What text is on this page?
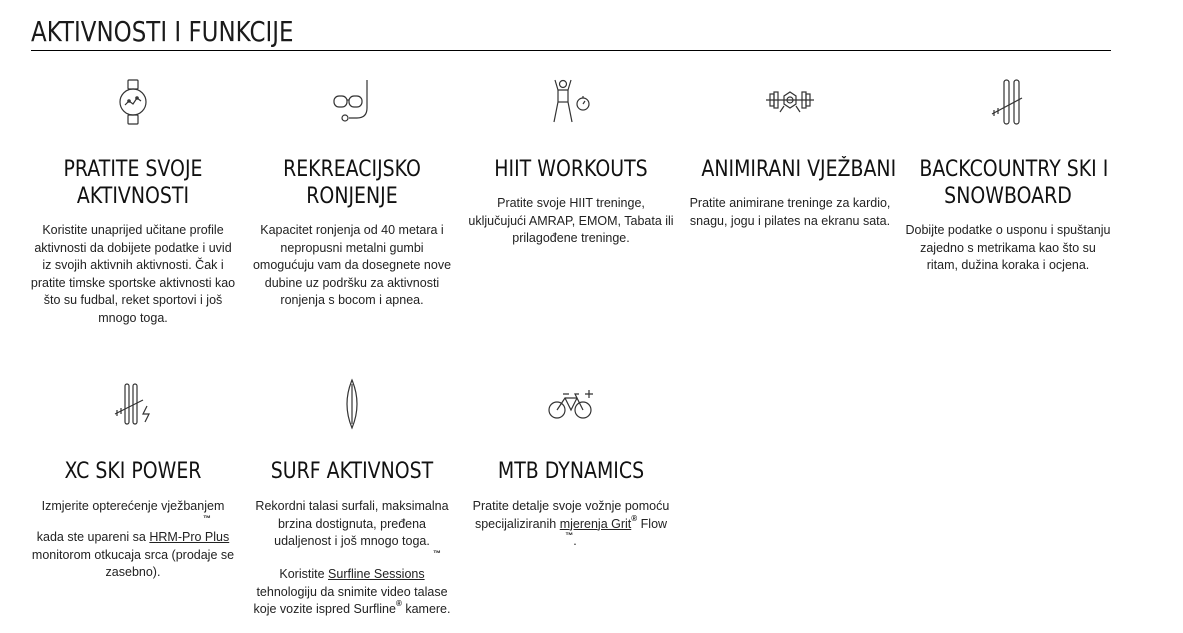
AKTIVNOSTI I FUNKCIJE
PRATITE SVOJE
AKTIVNOSTI
Koristite unaprijed učitane profile aktivnosti da dobijete podatke i uvid iz svojih aktivnih aktivnosti. Čak i pratite timske sportske aktivnosti kao što su fudbal, reket sportovi i još mnogo toga.
REKREACIJSKO
RONJENJE
Kapacitet ronjenja od 40 metara i nepropusni metalni gumbi omogućuju vam da dosegnete nove dubine uz podršku za aktivnosti ronjenja s bocom i apnea.
HIIT WORKOUTS
Pratite svoje HIIT treninge, uključujući AMRAP, EMOM, Tabata ili prilagođene treninge.
ANIMIRANI VJEŽBANI
Pratite animirane treninge za kardio, snagu, jogu i pilates na ekranu sata.
BACKCOUNTRY SKI I
SNOWBOARD
Dobijte podatke o usponu i spuštanju zajedno s metrikama kao što su ritam, dužina koraka i ocjena.
XC SKI POWER

Izmjerite opterećenje vježbanjem
™

kada ste upareni sa HRM-Pro Plus monitorom otkucaja srca (prodaje se zasebno).

SURF AKTIVNOST

Rekordni talasi surfali, maksimalna brzina dostignuta, pređena udaljenost i još mnogo toga.
™

Koristite Surfline Sessions tehnologiju da snimite video talase koje vozite ispred Surfline® kamere.

MTB DYNAMICS

Pratite detalje svoje vožnje pomoću specijaliziranih mjerenja Grit® Flow
™.
